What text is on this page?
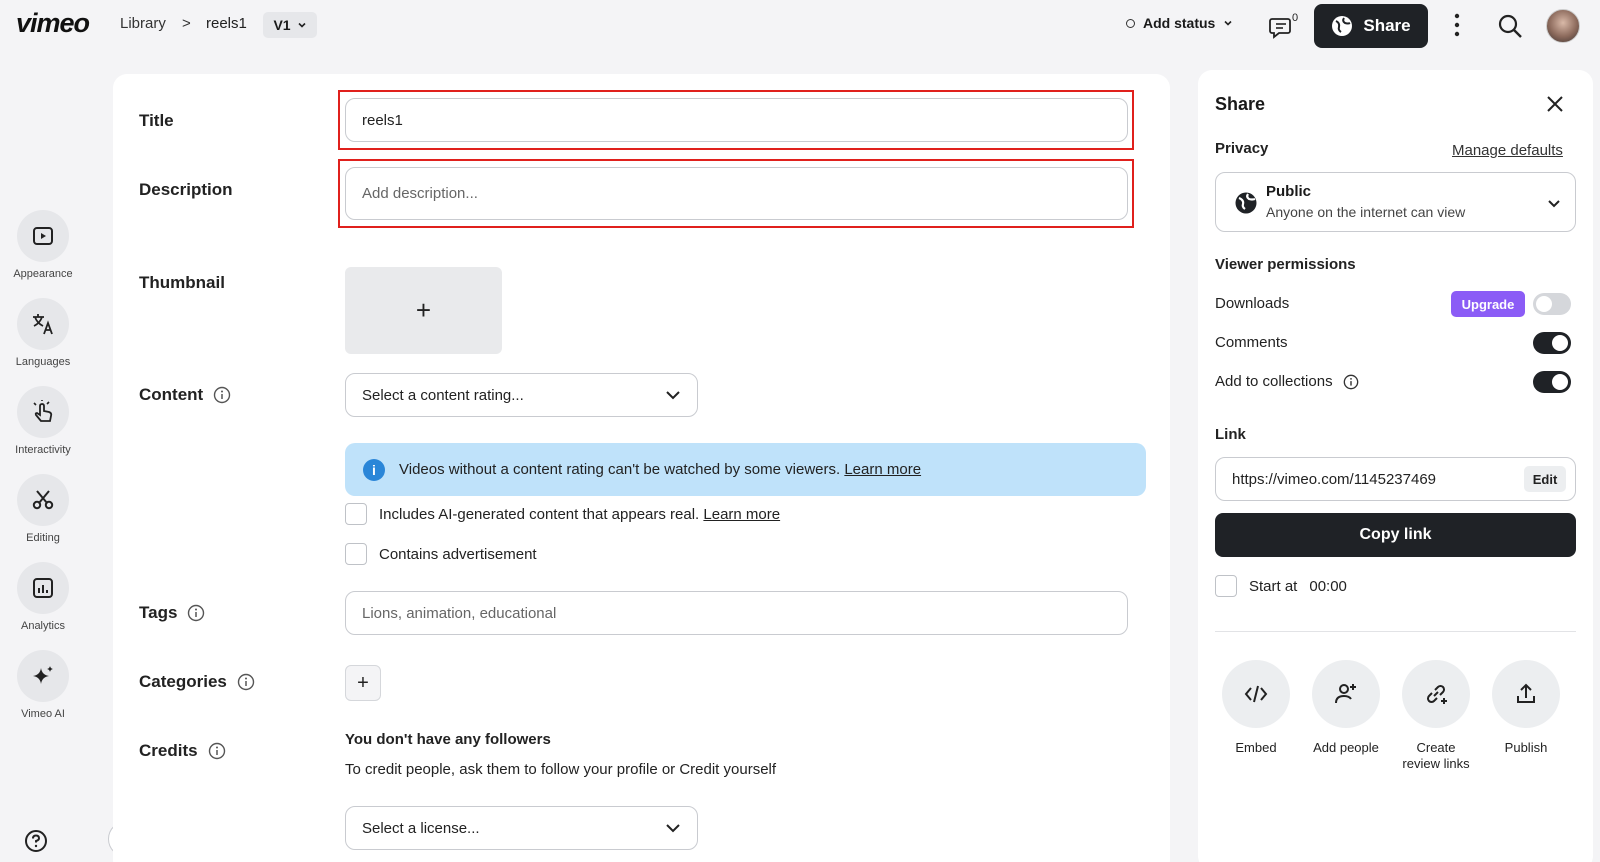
vimeo Library > reels1 V1	Add status	0	Share
Appearance
Languages
Interactivity
Editing
Analytics
Vimeo AI
Title	reels1
Description	Add description...
Thumbnail
+
Content	Select a content rating...
i	Videos without a content rating can't be watched by some viewers. Learn more
Includes AI-generated content that appears real. Learn more
Contains advertisement
Tags	Lions, animation, educational
Categories	+
Credits
You don't have any followers
To credit people, ask them to follow your profile or Credit yourself
Select a license...
Share
Privacy	Manage defaults
Public
Anyone on the internet can view
Viewer permissions
Downloads	Upgrade
Comments
Add to collections
Link
https://vimeo.com/1145237469	Edit
Copy link
Start at 00:00
Embed	Add people	Create review links
Publish
